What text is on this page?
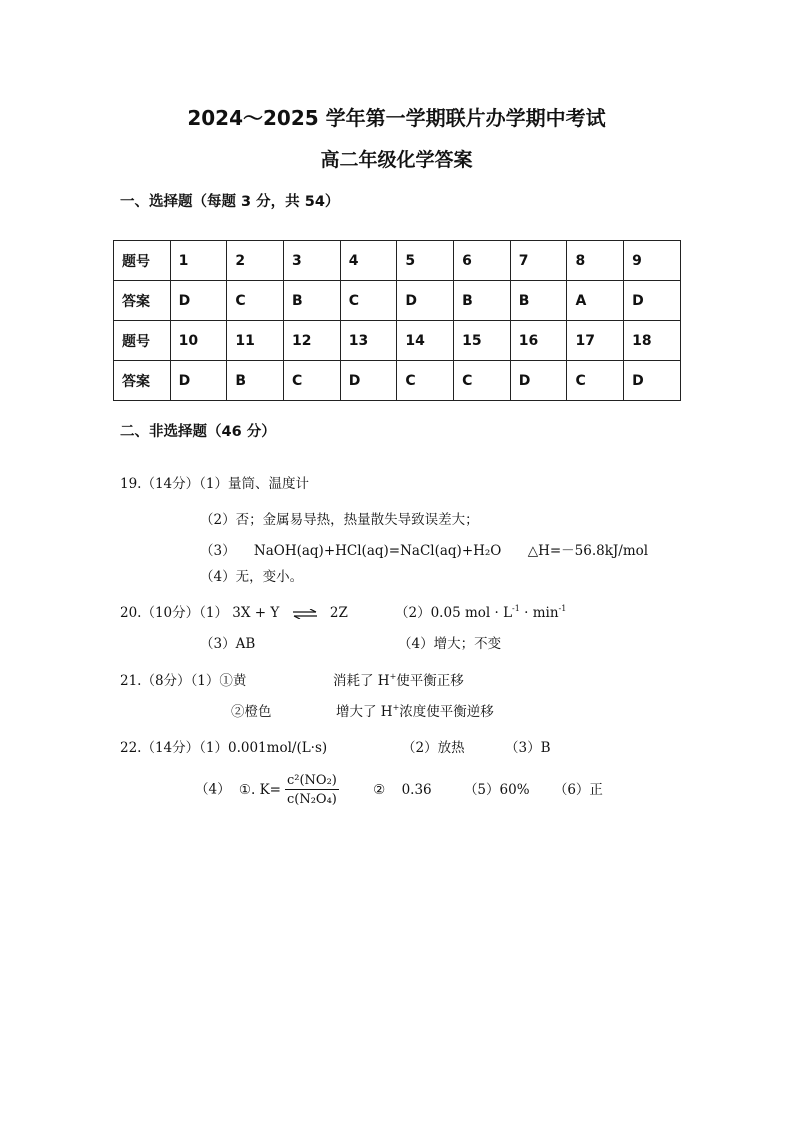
2024～2025 学年第一学期联片办学期中考试
高二年级化学答案
一、选择题（每题 3 分，共 54）
题号	1	2	3	4	5	6	7	8	9
答案	D	C	B	C	D	B	B	A	D
题号	10	11	12	13	14	15	16	17	18
答案	D	B	C	D	C	C	D	C	D
二、非选择题（46 分）
19.（14分）（1）量筒、温度计
（2）否；金属易导热，热量散失导致误差大；
（3） NaOH(aq)+HCl(aq)=NaCl(aq)+H₂O △H=－56.8kJ/mol
（4）无，变小。
20.（10分）（1） 3X + Y ⇌ 2Z	（2）0.05 mol · $L^{-1} \cdot \min^{-1}$
（3）AB	（4）增大；不变
21.（8分）（1）①黄	消耗了 H+使平衡正移
②橙色	增大了 H+浓度使平衡逆移
22.（14分）（1）0.001mol/(L·s)	（2）放热	（3）B
（4） ①. $K= \frac{\text{c²(NO₂)}}{\text{c(N₂O₄)}}$	② 0.36 （5）60% （6）正
